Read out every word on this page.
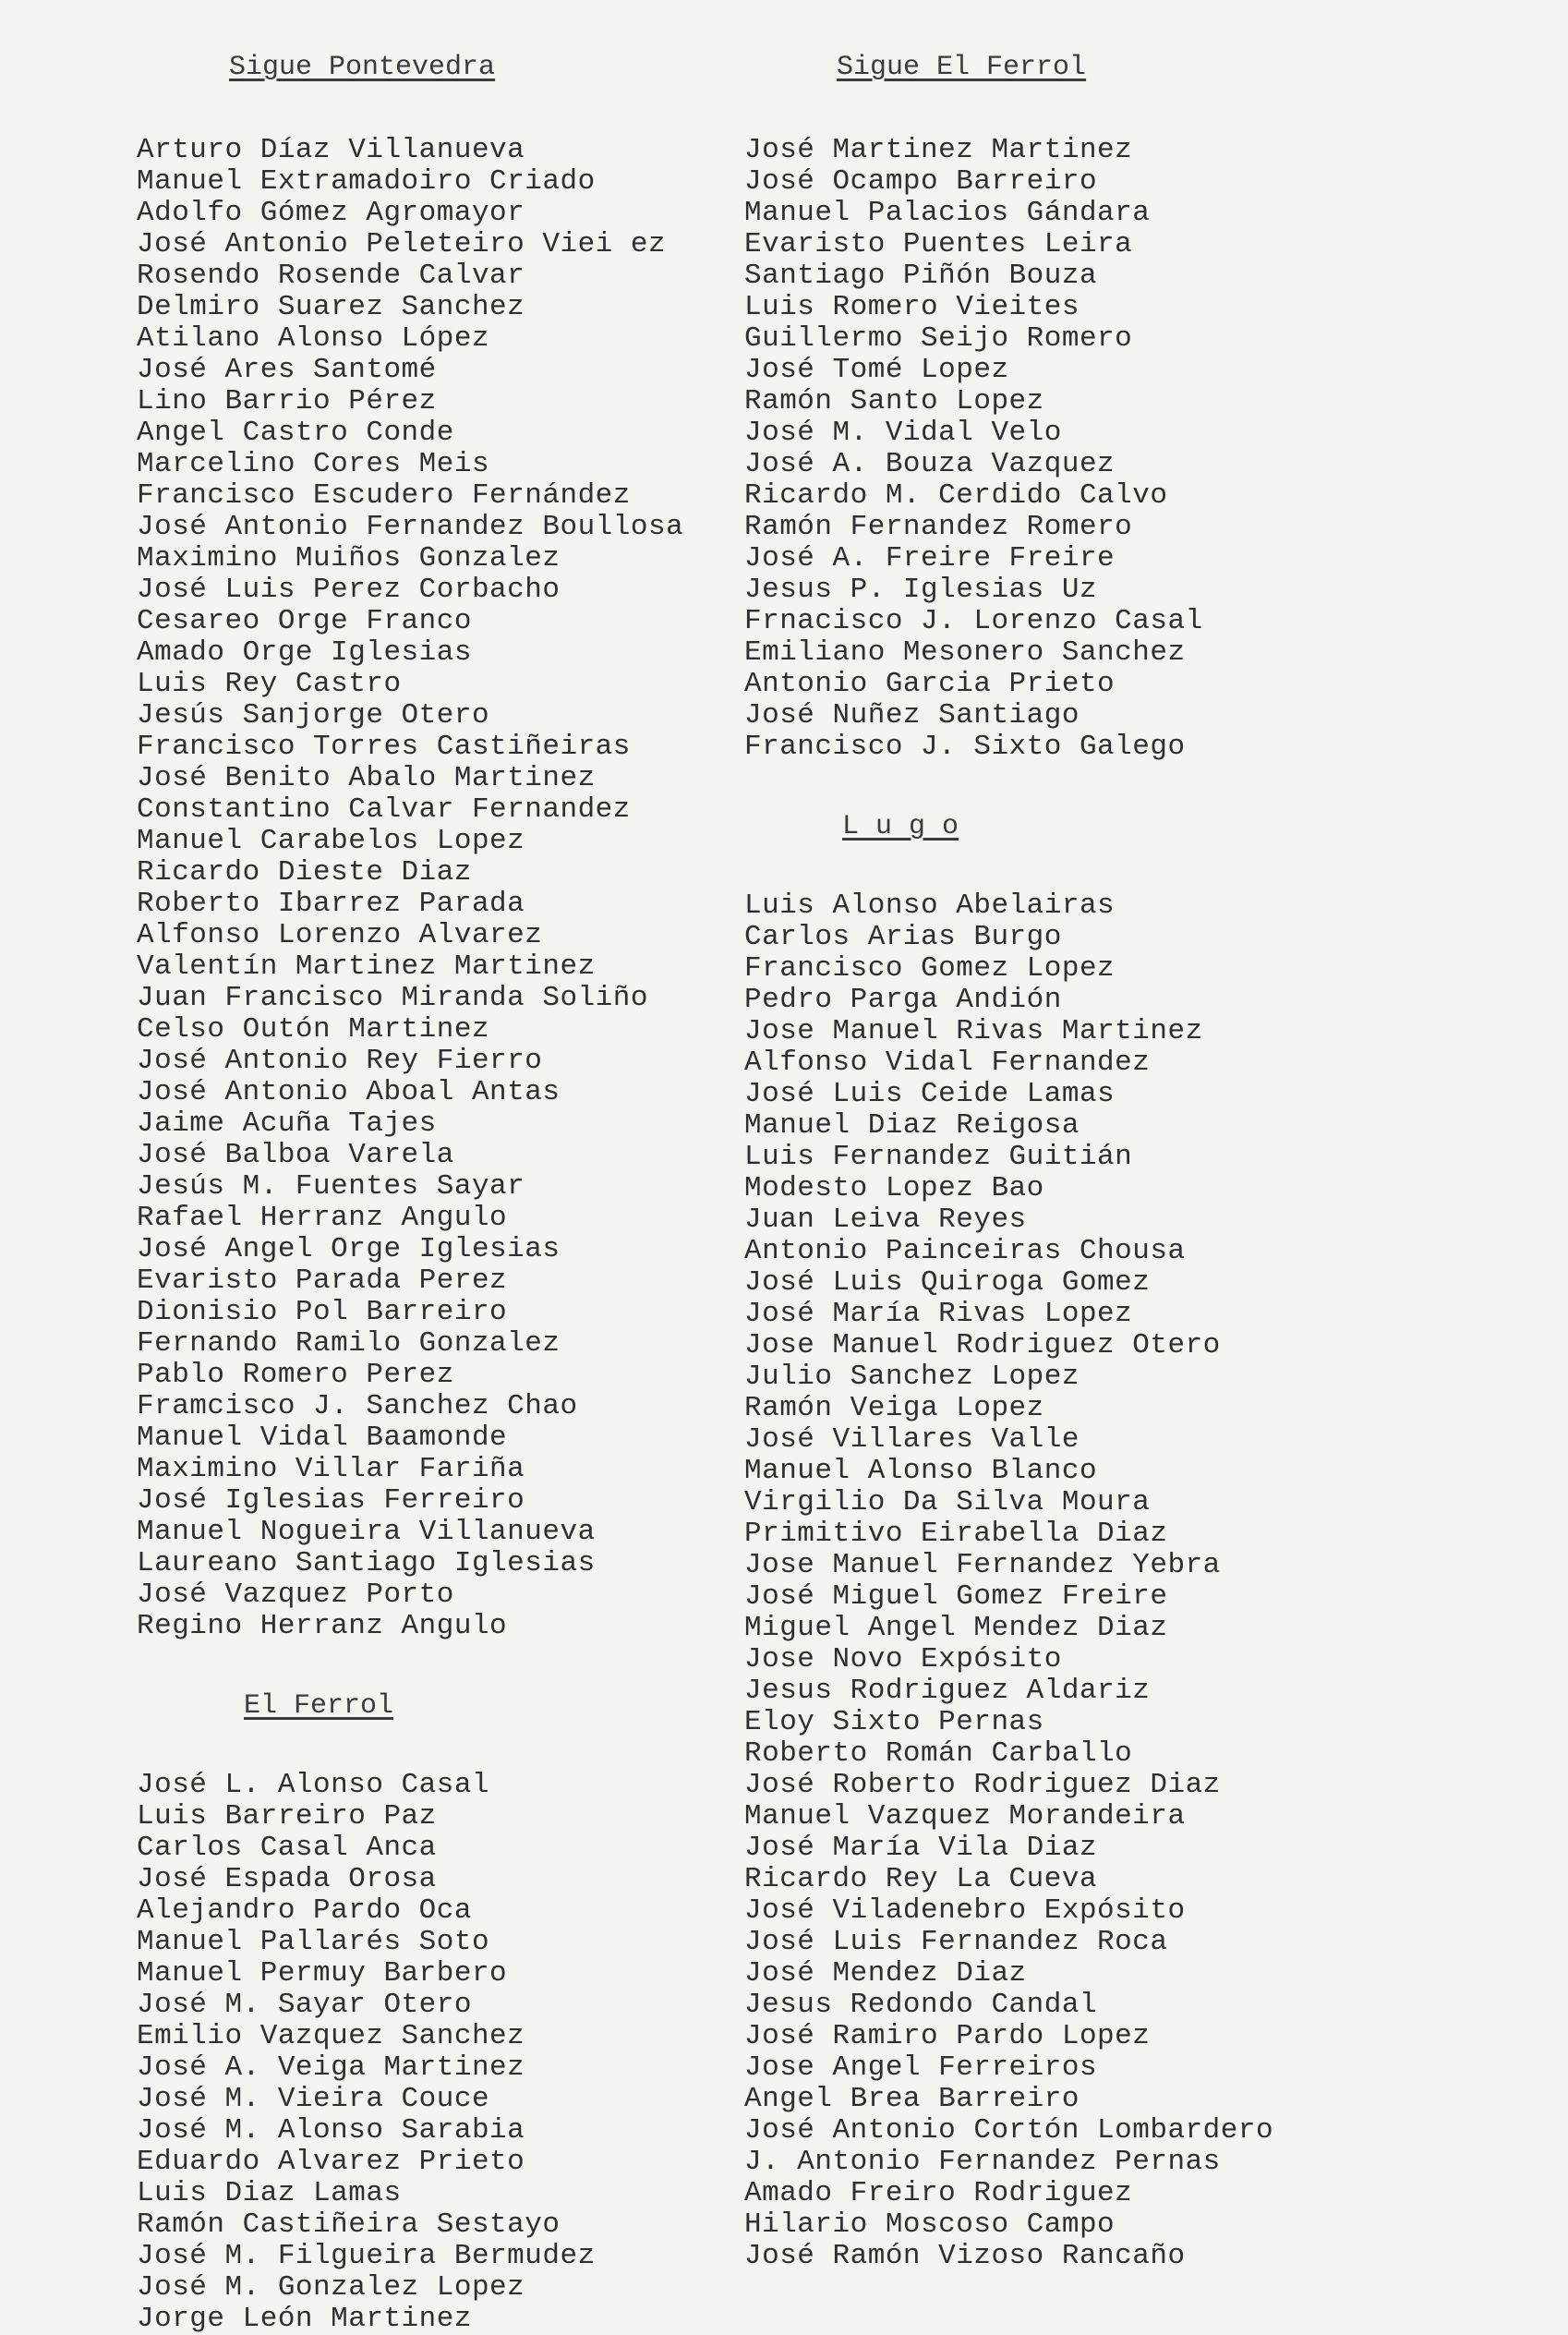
Sigue Pontevedra
Arturo Díaz Villanueva
Manuel Extramadoiro Criado
Adolfo Gómez Agromayor
José Antonio Peleteiro Viei ez
Rosendo Rosende Calvar
Delmiro Suarez Sanchez
Atilano Alonso López
José Ares Santomé
Lino Barrio Pérez
Angel Castro Conde
Marcelino Cores Meis
Francisco Escudero Fernández
José Antonio Fernandez Boullosa
Maximino Muiños Gonzalez
José Luis Perez Corbacho
Cesareo Orge Franco
Amado Orge Iglesias
Luis Rey Castro
Jesús Sanjorge Otero
Francisco Torres Castiñeiras
José Benito Abalo Martinez
Constantino Calvar Fernandez
Manuel Carabelos Lopez
Ricardo Dieste Diaz
Roberto Ibarrez Parada
Alfonso Lorenzo Alvarez
Valentín Martinez Martinez
Juan Francisco Miranda Soliño
Celso Outón Martinez
José Antonio Rey Fierro
José Antonio Aboal Antas
Jaime Acuña Tajes
José Balboa Varela
Jesús M. Fuentes Sayar
Rafael Herranz Angulo
José Angel Orge Iglesias
Evaristo Parada Perez
Dionisio Pol Barreiro
Fernando Ramilo Gonzalez
Pablo Romero Perez
Framcisco J. Sanchez Chao
Manuel Vidal Baamonde
Maximino Villar Fariña
José Iglesias Ferreiro
Manuel Nogueira Villanueva
Laureano Santiago Iglesias
José Vazquez Porto
Regino Herranz Angulo
El Ferrol
José L. Alonso Casal
Luis Barreiro Paz
Carlos Casal Anca
José Espada Orosa
Alejandro Pardo Oca
Manuel Pallarés Soto
Manuel Permuy Barbero
José M. Sayar Otero
Emilio Vazquez Sanchez
José A. Veiga Martinez
José M. Vieira Couce
José M. Alonso Sarabia
Eduardo Alvarez Prieto
Luis Diaz Lamas
Ramón Castiñeira Sestayo
José M. Filgueira Bermudez
José M. Gonzalez Lopez
Jorge León Martinez
Sigue El Ferrol
José Martinez Martinez
José Ocampo Barreiro
Manuel Palacios Gándara
Evaristo Puentes Leira
Santiago Piñón Bouza
Luis Romero Vieites
Guillermo Seijo Romero
José Tomé Lopez
Ramón Santo Lopez
José M. Vidal Velo
José A. Bouza Vazquez
Ricardo M. Cerdido Calvo
Ramón Fernandez Romero
José A. Freire Freire
Jesus P. Iglesias Uz
Frnacisco J. Lorenzo Casal
Emiliano Mesonero Sanchez
Antonio Garcia Prieto
José Nuñez Santiago
Francisco J. Sixto Galego
L u g o
Luis Alonso Abelairas
Carlos Arias Burgo
Francisco Gomez Lopez
Pedro Parga Andión
Jose Manuel Rivas Martinez
Alfonso Vidal Fernandez
José Luis Ceide Lamas
Manuel Diaz Reigosa
Luis Fernandez Guitián
Modesto Lopez Bao
Juan Leiva Reyes
Antonio Painceiras Chousa
José Luis Quiroga Gomez
José María Rivas Lopez
Jose Manuel Rodriguez Otero
Julio Sanchez Lopez
Ramón Veiga Lopez
José Villares Valle
Manuel Alonso Blanco
Virgilio Da Silva Moura
Primitivo Eirabella Diaz
Jose Manuel Fernandez Yebra
José Miguel Gomez Freire
Miguel Angel Mendez Diaz
Jose Novo Expósito
Jesus Rodriguez Aldariz
Eloy Sixto Pernas
Roberto Román Carballo
José Roberto Rodriguez Diaz
Manuel Vazquez Morandeira
José María Vila Diaz
Ricardo Rey La Cueva
José Viladenebro Expósito
José Luis Fernandez Roca
José Mendez Diaz
Jesus Redondo Candal
José Ramiro Pardo Lopez
Jose Angel Ferreiros
Angel Brea Barreiro
José Antonio Cortón Lombardero
J. Antonio Fernandez Pernas
Amado Freiro Rodriguez
Hilario Moscoso Campo
José Ramón Vizoso Rancaño
